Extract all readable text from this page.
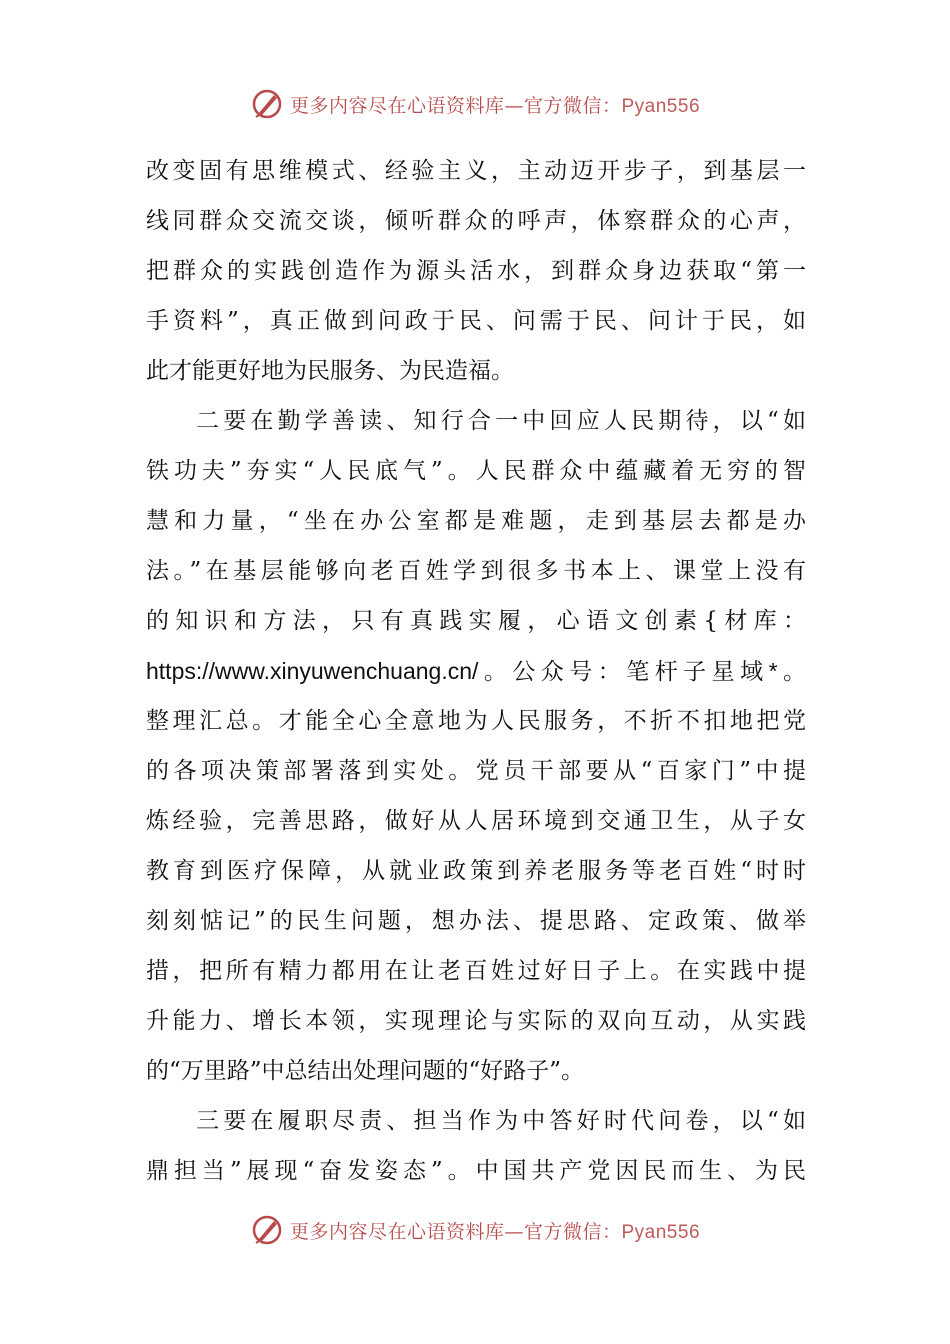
更多内容尽在心语资料库—官方微信：Pyan556
改变固有思维模式、经验主义，主动迈开步子，到基层一
线同群众交流交谈，倾听群众的呼声，体察群众的心声，
把群众的实践创造作为源头活水，到群众身边获取“第一
手资料”，真正做到问政于民、问需于民、问计于民，如
此才能更好地为民服务、为民造福。
二要在勤学善读、知行合一中回应人民期待，以“如
铁功夫”夯实“人民底气”。人民群众中蕴藏着无穷的智
慧和力量，“坐在办公室都是难题，走到基层去都是办
法。”在基层能够向老百姓学到很多书本上、课堂上没有
的知识和方法，只有真践实履，心语文创素{材库：
https://www.xinyuwenchuang.cn/。公众号：笔杆子星域*。
整理汇总。才能全心全意地为人民服务，不折不扣地把党
的各项决策部署落到实处。党员干部要从“百家门”中提
炼经验，完善思路，做好从人居环境到交通卫生，从子女
教育到医疗保障，从就业政策到养老服务等老百姓“时时
刻刻惦记”的民生问题，想办法、提思路、定政策、做举
措，把所有精力都用在让老百姓过好日子上。在实践中提
升能力、增长本领，实现理论与实际的双向互动，从实践
的“万里路”中总结出处理问题的“好路子”。
三要在履职尽责、担当作为中答好时代问卷，以“如
鼎担当”展现“奋发姿态”。中国共产党因民而生、为民
更多内容尽在心语资料库—官方微信：Pyan556
